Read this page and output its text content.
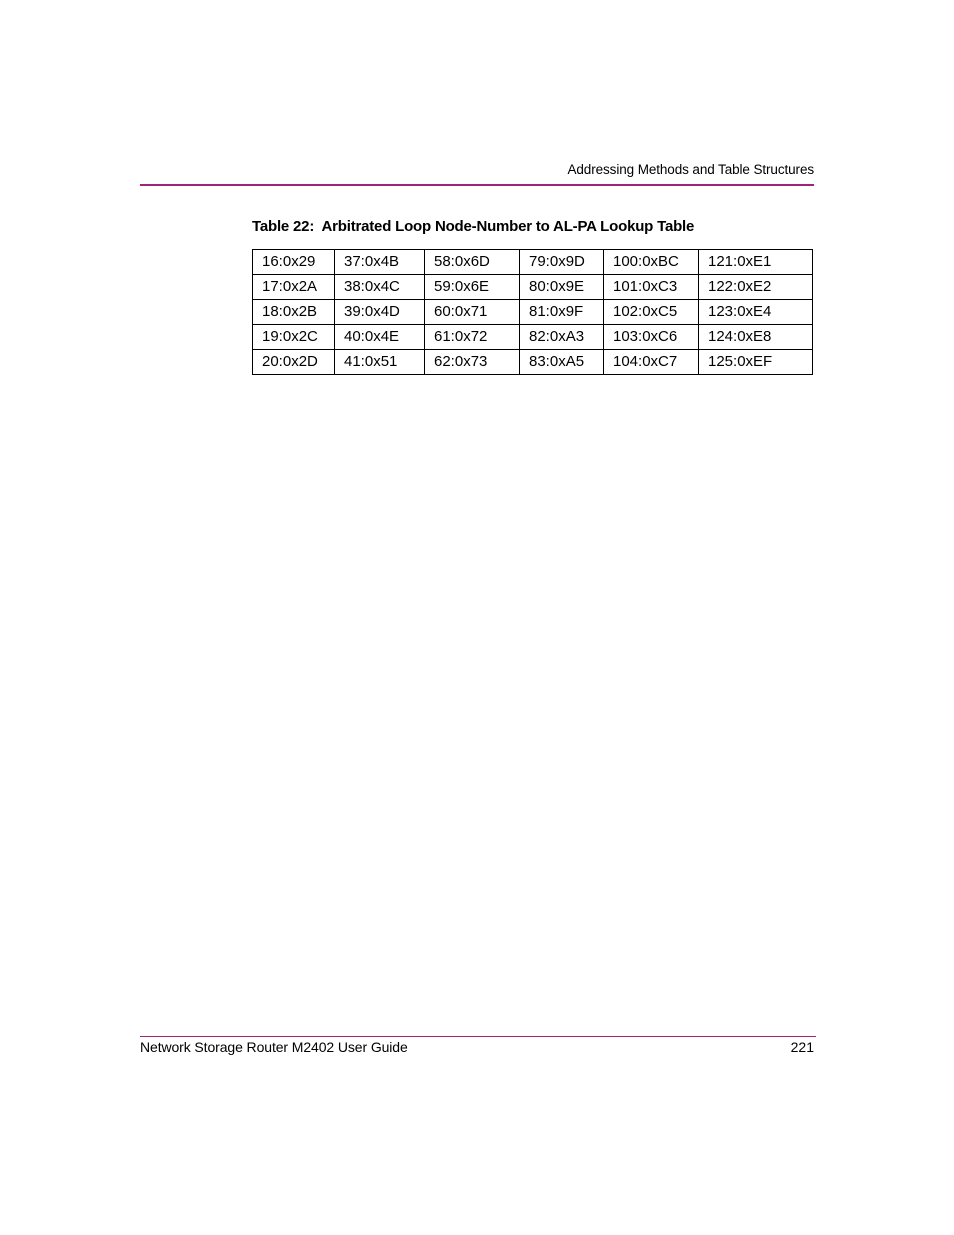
Addressing Methods and Table Structures
Table 22:  Arbitrated Loop Node-Number to AL-PA Lookup Table
16:0x29	37:0x4B	58:0x6D	79:0x9D	100:0xBC	121:0xE1
17:0x2A	38:0x4C	59:0x6E	80:0x9E	101:0xC3	122:0xE2
18:0x2B	39:0x4D	60:0x71	81:0x9F	102:0xC5	123:0xE4
19:0x2C	40:0x4E	61:0x72	82:0xA3	103:0xC6	124:0xE8
20:0x2D	41:0x51	62:0x73	83:0xA5	104:0xC7	125:0xEF
Network Storage Router M2402 User Guide	221
